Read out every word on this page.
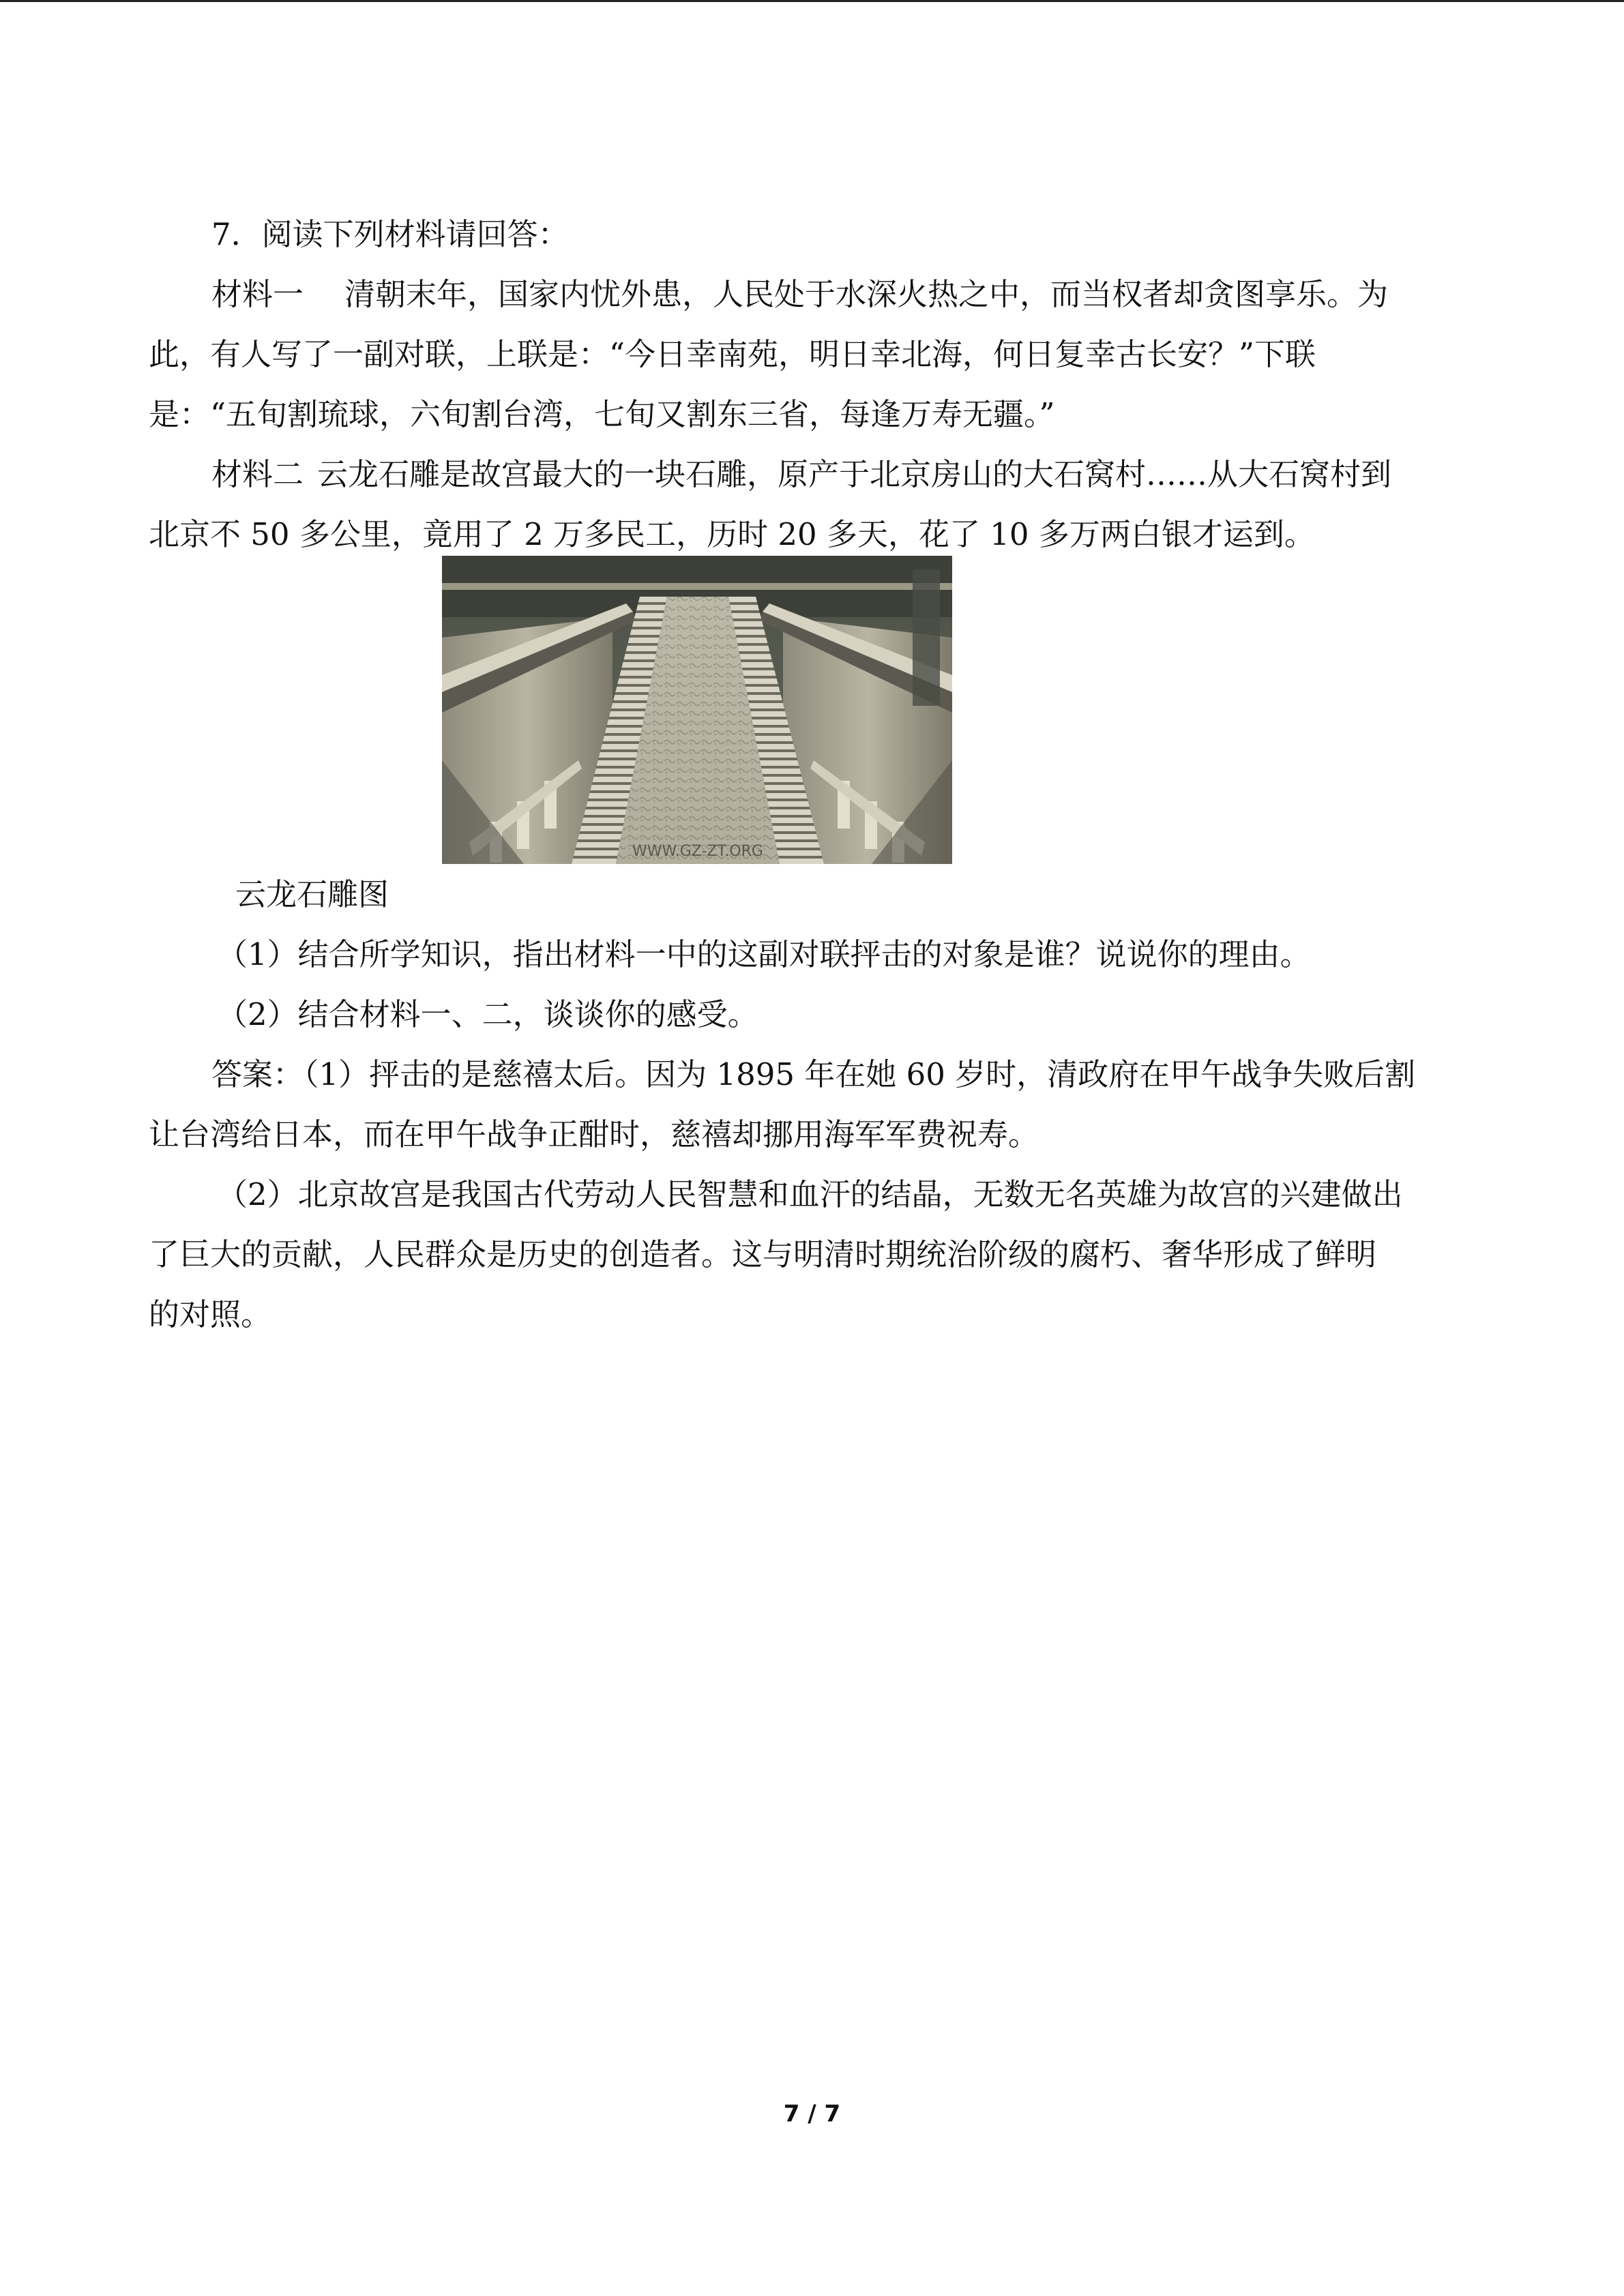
7．阅读下列材料请回答：

材料一 清朝末年，国家内忧外患，人民处于水深火热之中，而当权者却贪图享乐。为

此，有人写了一副对联，上联是：“今日幸南苑，明日幸北海，何日复幸古长安？”下联

是：“五旬割琉球，六旬割台湾，七旬又割东三省，每逢万寿无疆。”

材料二 云龙石雕是故宫最大的一块石雕，原产于北京房山的大石窝村……从大石窝村到

北京不 50 多公里，竟用了 2 万多民工，历时 20 多天，花了 10 多万两白银才运到。

WWW.GZ-ZT.ORG
云龙石雕图

（1）结合所学知识，指出材料一中的这副对联抨击的对象是谁？说说你的理由。

（2）结合材料一、二，谈谈你的感受。

答案：（1）抨击的是慈禧太后。因为 1895 年在她 60 岁时，清政府在甲午战争失败后割

让台湾给日本，而在甲午战争正酣时，慈禧却挪用海军军费祝寿。

（2）北京故宫是我国古代劳动人民智慧和血汗的结晶，无数无名英雄为故宫的兴建做出

了巨大的贡献，人民群众是历史的创造者。这与明清时期统治阶级的腐朽、奢华形成了鲜明

的对照。

7 / 7
